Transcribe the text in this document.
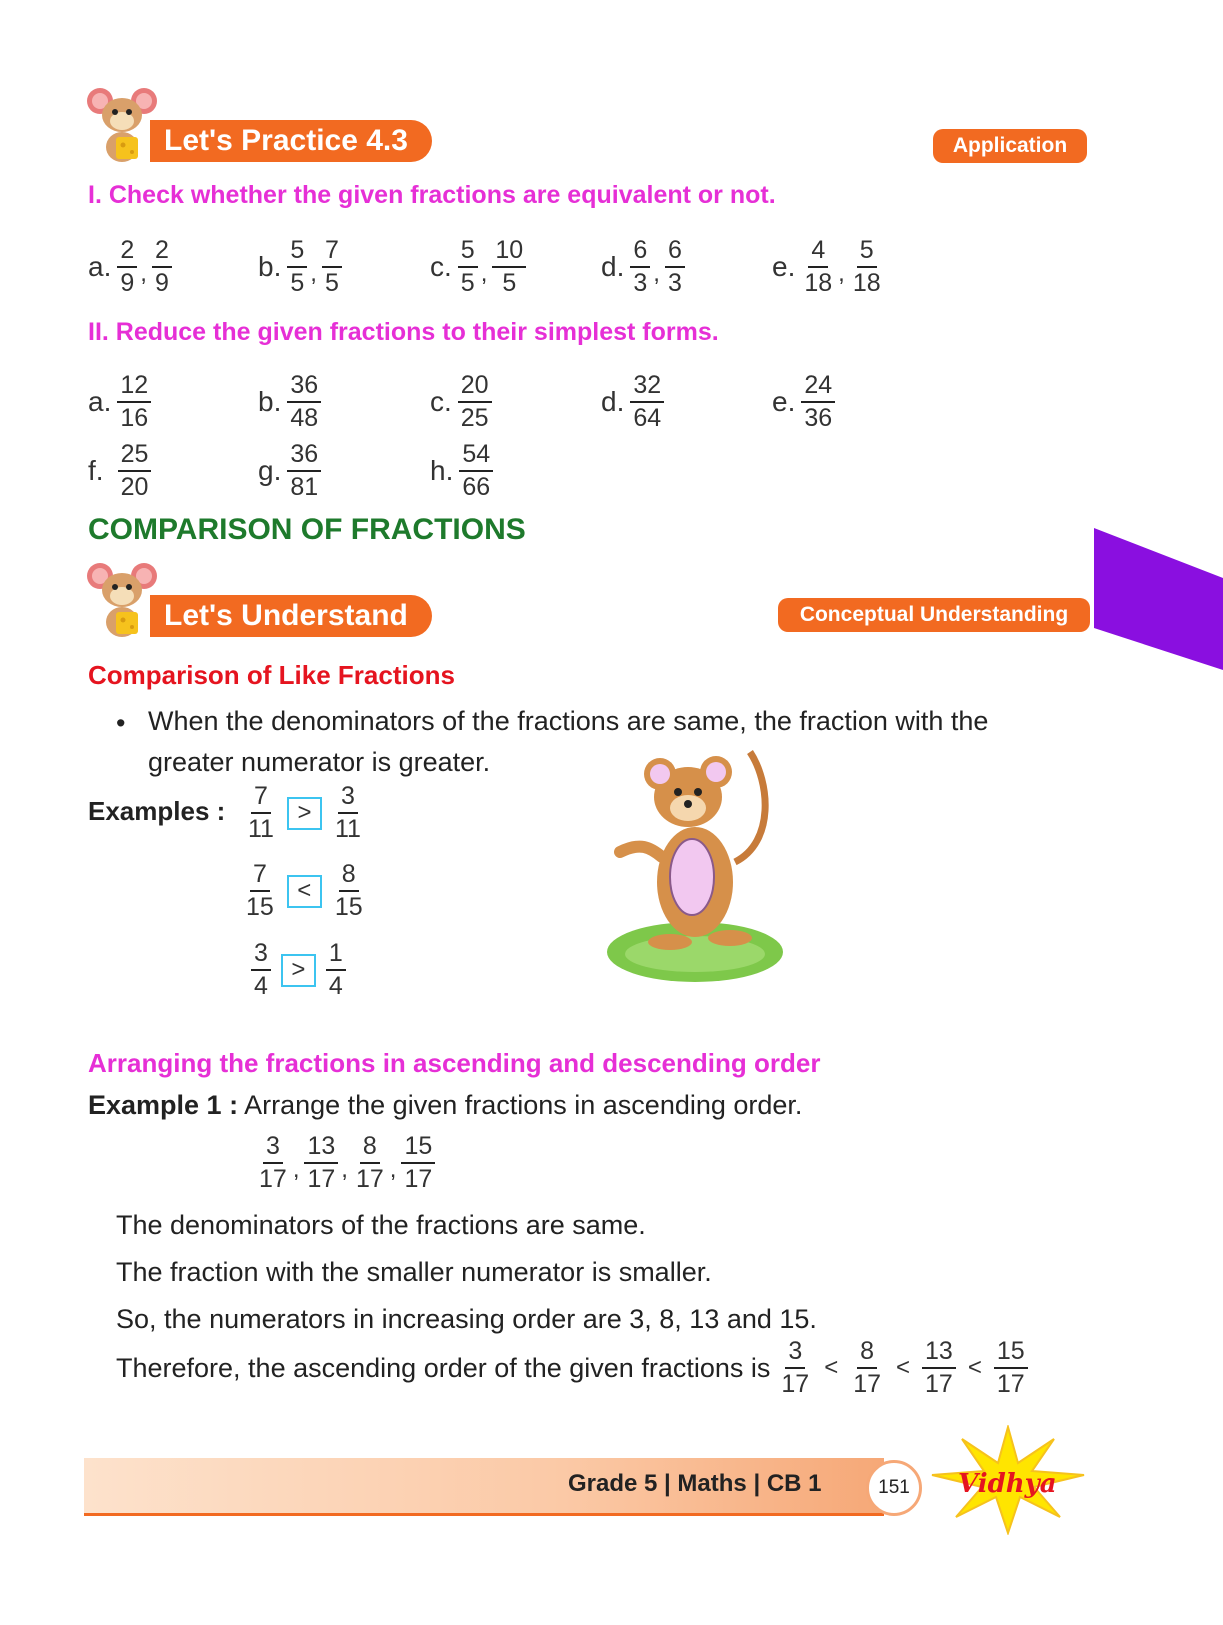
Let's Practice 4.3	Application
I. Check whether the given fractions are equivalent or not.
a. $\frac{2}{9}$ , $\frac{2}{9}$	b. $\frac{5}{5}$ , $\frac{7}{5}$	c. $\frac{5}{5}$ , $\frac{10}{5}$	d. $\frac{6}{3}$ , $\frac{6}{3}$	e. $\frac{4}{18}$ , $\frac{5}{18}$
II. Reduce the given fractions to their simplest forms.
a. $\frac{12}{16}$	b. $\frac{36}{48}$	c. $\frac{20}{25}$	d. $\frac{32}{64}$	e. $\frac{24}{36}$
f. $\frac{25}{20}$	g. $\frac{36}{81}$	h. $\frac{54}{66}$
COMPARISON OF FRACTIONS
Let's Understand	Conceptual Understanding
Comparison of Like Fractions
• When the denominators of the fractions are same, the fraction with the
greater numerator is greater.
Examples : $\frac{7}{11} > \frac{3}{11}$
$\frac{7}{15} < \frac{8}{15}$
$\frac{3}{4} > \frac{1}{4}$
Arranging the fractions in ascending and descending order
Example 1 : Arrange the given fractions in ascending order.
$\frac{3}{17}$ , $\frac{13}{17}$ , $\frac{8}{17}$ , $\frac{15}{17}$
The denominators of the fractions are same.
The fraction with the smaller numerator is smaller.
So, the numerators in increasing order are 3, 8, 13 and 15.
Therefore, the ascending order of the given fractions is $\frac{3}{17} < \frac{8}{17} < \frac{13}{17} < \frac{15}{17}$
Grade 5 | Maths | CB 1	151 Vidhya
